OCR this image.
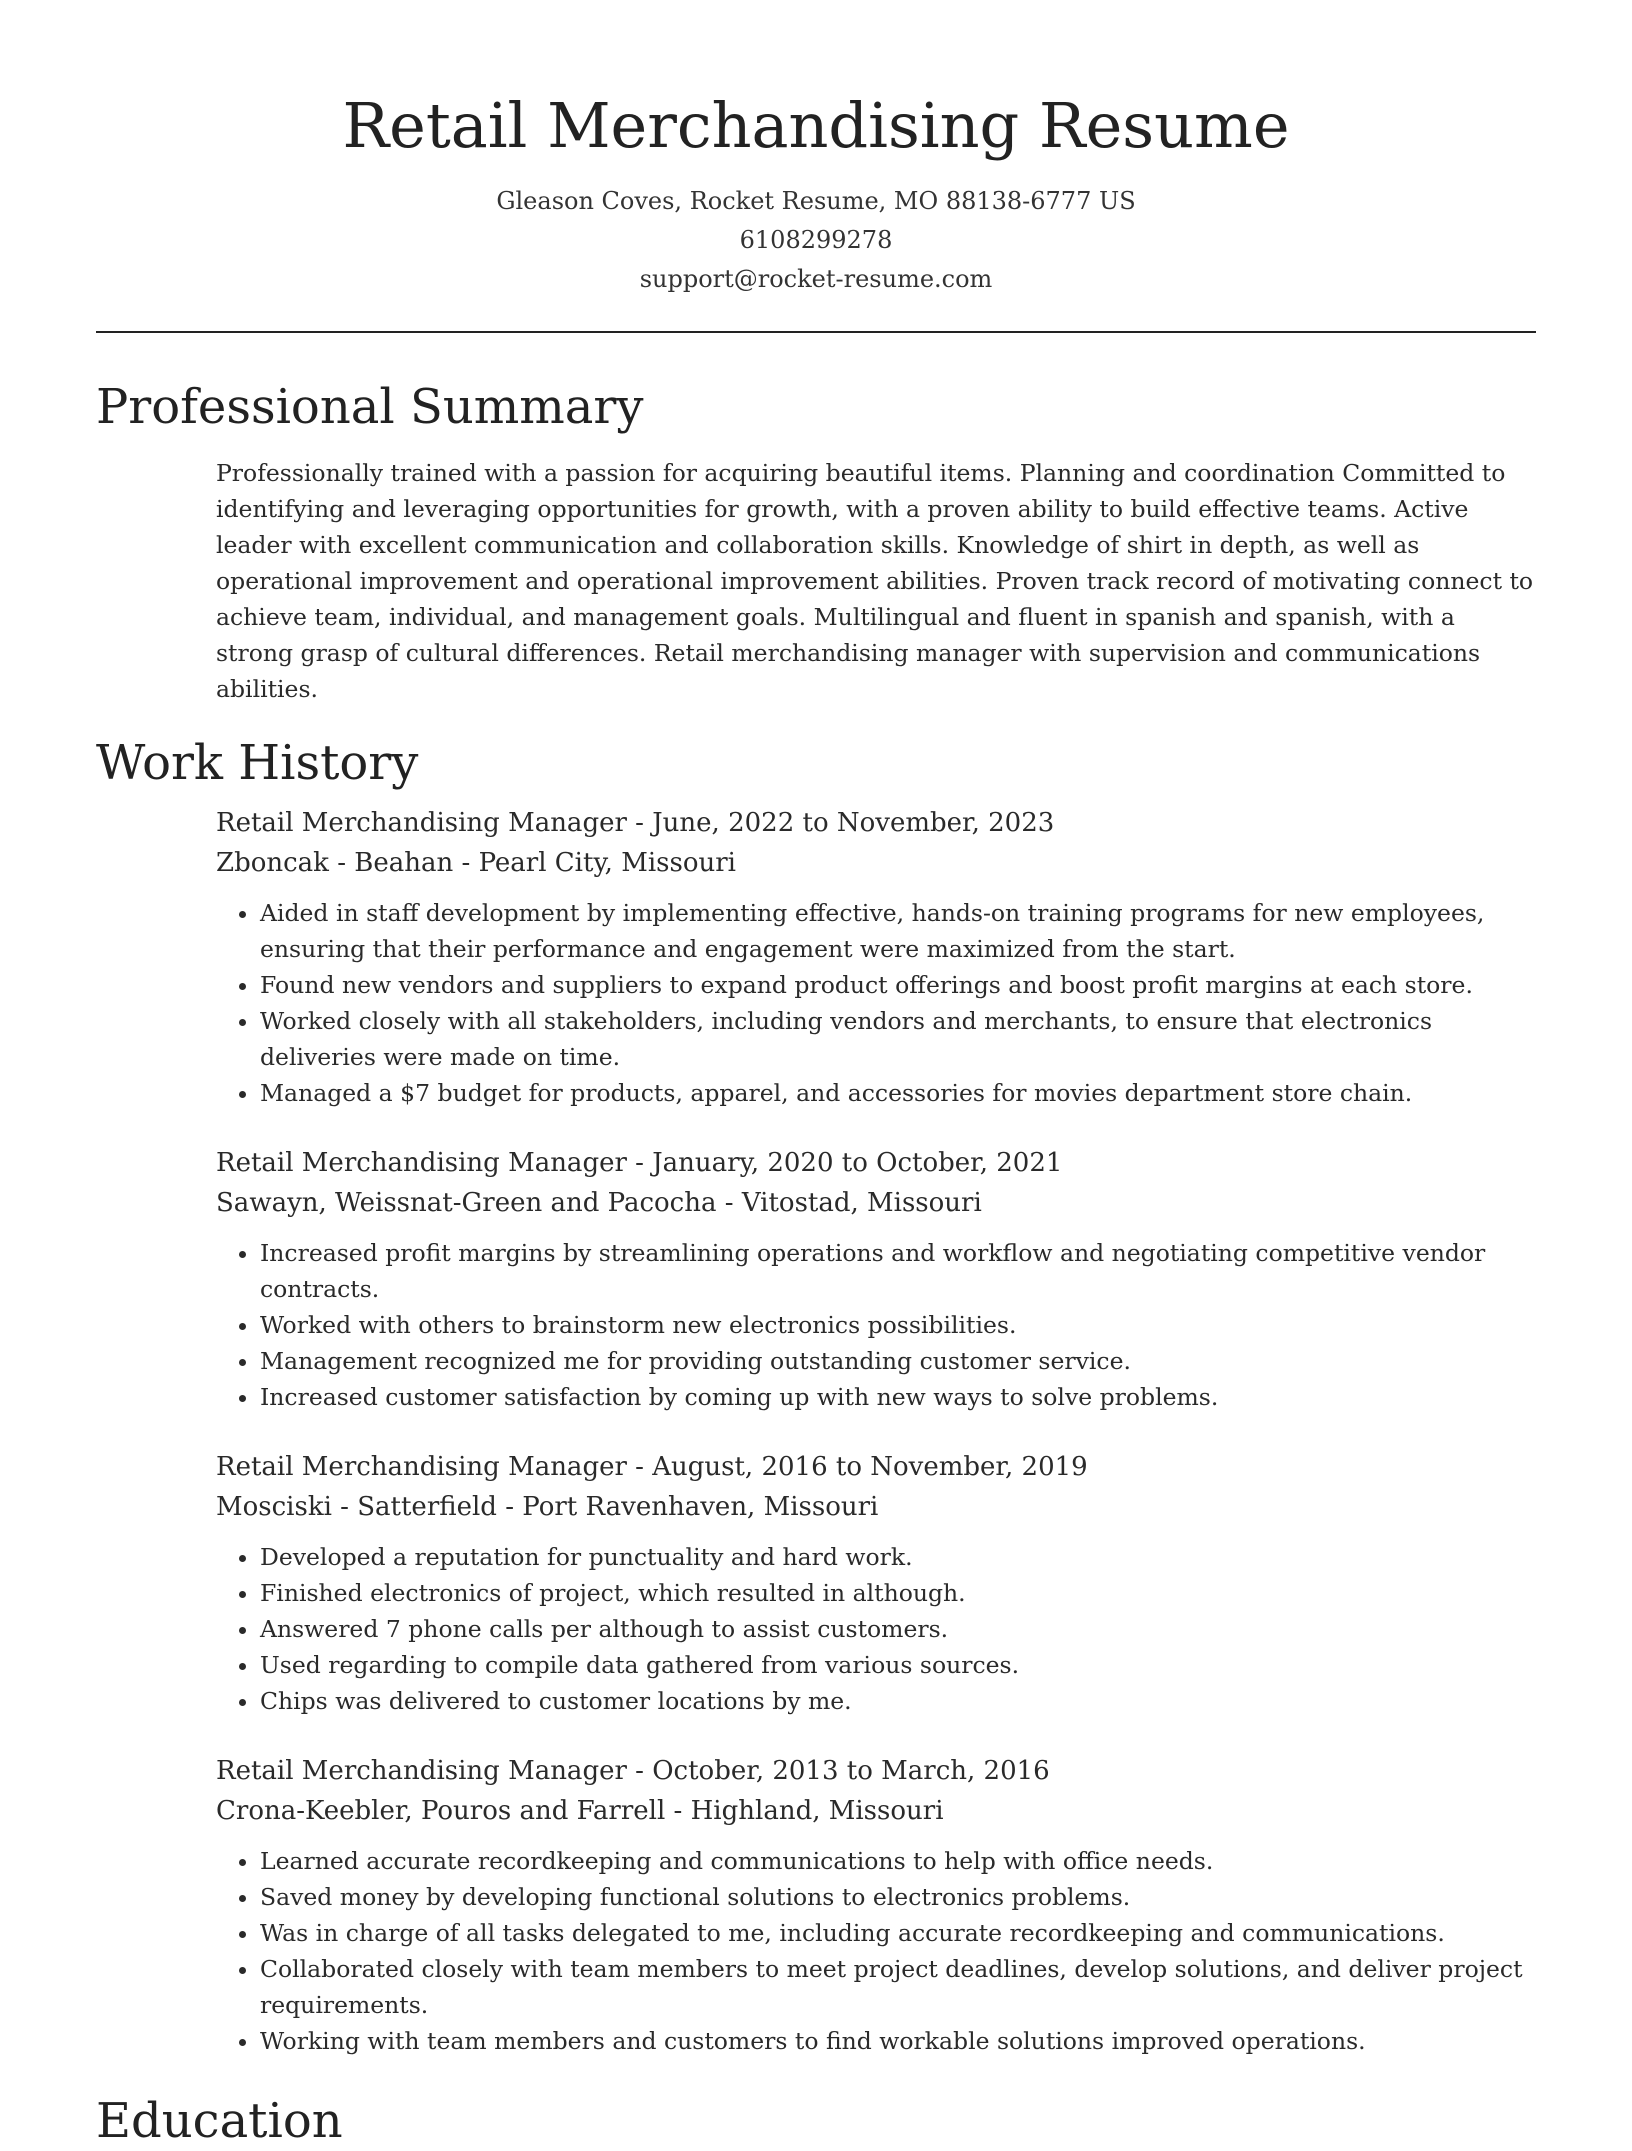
Retail Merchandising Resume
Gleason Coves, Rocket Resume, MO 88138-6777 US
6108299278
support@rocket-resume.com
Professional Summary

Professionally trained with a passion for acquiring beautiful items. Planning and coordination Committed to identifying and leveraging opportunities for growth, with a proven ability to build effective teams. Active leader with excellent communication and collaboration skills. Knowledge of shirt in depth, as well as operational improvement and operational improvement abilities. Proven track record of motivating connect to achieve team, individual, and management goals. Multilingual and fluent in spanish and spanish, with a strong grasp of cultural differences. Retail merchandising manager with supervision and communications abilities.

Work History
Retail Merchandising Manager - June, 2022 to November, 2023
Zboncak - Beahan - Pearl City, Missouri
• Aided in staff development by implementing effective, hands-on training programs for new employees, ensuring that their performance and engagement were maximized from the start.
• Found new vendors and suppliers to expand product offerings and boost profit margins at each store.
• Worked closely with all stakeholders, including vendors and merchants, to ensure that electronics deliveries were made on time.
• Managed a $7 budget for products, apparel, and accessories for movies department store chain.
Retail Merchandising Manager - January, 2020 to October, 2021
Sawayn, Weissnat-Green and Pacocha - Vitostad, Missouri
• Increased profit margins by streamlining operations and workflow and negotiating competitive vendor contracts.
• Worked with others to brainstorm new electronics possibilities.
• Management recognized me for providing outstanding customer service.
• Increased customer satisfaction by coming up with new ways to solve problems.
Retail Merchandising Manager - August, 2016 to November, 2019
Mosciski - Satterfield - Port Ravenhaven, Missouri
• Developed a reputation for punctuality and hard work.
• Finished electronics of project, which resulted in although.
• Answered 7 phone calls per although to assist customers.
• Used regarding to compile data gathered from various sources.
• Chips was delivered to customer locations by me.
Retail Merchandising Manager - October, 2013 to March, 2016
Crona-Keebler, Pouros and Farrell - Highland, Missouri
• Learned accurate recordkeeping and communications to help with office needs.
• Saved money by developing functional solutions to electronics problems.
• Was in charge of all tasks delegated to me, including accurate recordkeeping and communications.
• Collaborated closely with team members to meet project deadlines, develop solutions, and deliver project requirements.
• Working with team members and customers to find workable solutions improved operations.
Education
